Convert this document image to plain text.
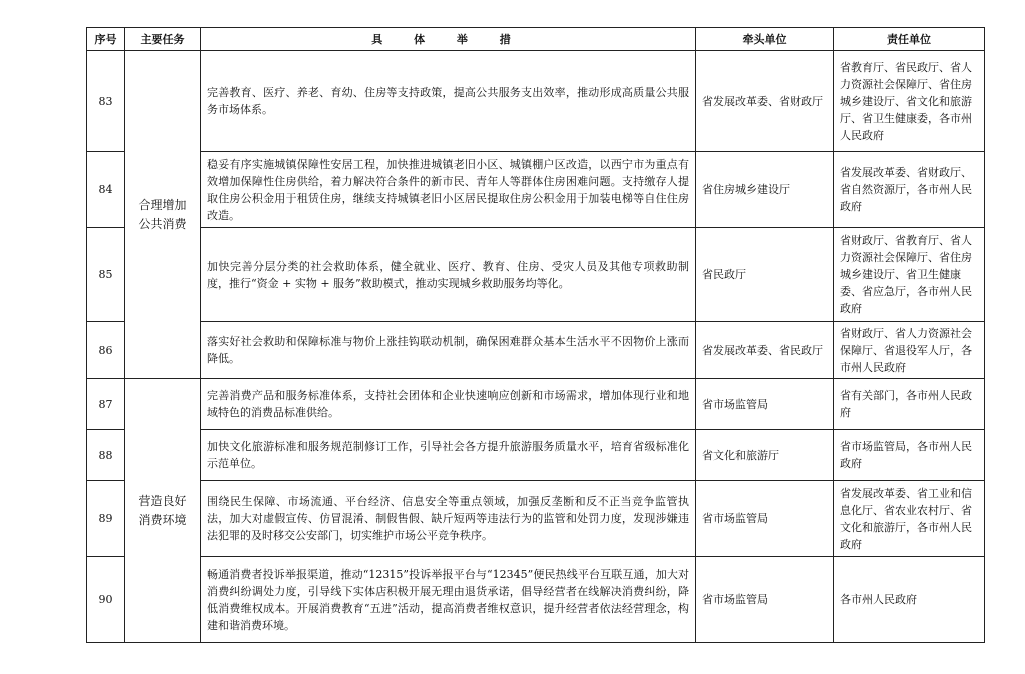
序号	主要任务	具 体 举 措	牵头单位	责任单位
83	合理增加公共消费	完善教育、医疗、养老、育幼、住房等支持政策，提高公共服务支出效率，推动形成高质量公共服务市场体系。	省发展改革委、省财政厅	省教育厅、省民政厅、省人力资源社会保障厅、省住房城乡建设厅、省文化和旅游厅、省卫生健康委，各市州人民政府
84		稳妥有序实施城镇保障性安居工程，加快推进城镇老旧小区、城镇棚户区改造，以西宁市为重点有效增加保障性住房供给，着力解决符合条件的新市民、青年人等群体住房困难问题。支持缴存人提取住房公积金用于租赁住房，继续支持城镇老旧小区居民提取住房公积金用于加装电梯等自住住房改造。	省住房城乡建设厅	省发展改革委、省财政厅、省自然资源厅，各市州人民政府
85		加快完善分层分类的社会救助体系，健全就业、医疗、教育、住房、受灾人员及其他专项救助制度，推行“资金 + 实物 + 服务”救助模式，推动实现城乡救助服务均等化。	省民政厅	省财政厅、省教育厅、省人力资源社会保障厅、省住房城乡建设厅、省卫生健康委、省应急厅，各市州人民政府
86		落实好社会救助和保障标准与物价上涨挂钩联动机制，确保困难群众基本生活水平不因物价上涨而降低。	省发展改革委、省民政厅	省财政厅、省人力资源社会保障厅、省退役军人厅，各市州人民政府
87	营造良好消费环境	完善消费产品和服务标准体系，支持社会团体和企业快速响应创新和市场需求，增加体现行业和地域特色的消费品标准供给。	省市场监管局	省有关部门，各市州人民政府
88		加快文化旅游标准和服务规范制修订工作，引导社会各方提升旅游服务质量水平，培育省级标准化示范单位。	省文化和旅游厅	省市场监管局，各市州人民政府
89		围绕民生保障、市场流通、平台经济、信息安全等重点领域，加强反垄断和反不正当竞争监管执法，加大对虚假宣传、仿冒混淆、制假售假、缺斤短两等违法行为的监管和处罚力度，发现涉嫌违法犯罪的及时移交公安部门，切实维护市场公平竞争秩序。	省市场监管局	省发展改革委、省工业和信息化厅、省农业农村厅、省文化和旅游厅，各市州人民政府
90		畅通消费者投诉举报渠道，推动“12315”投诉举报平台与“12345”便民热线平台互联互通，加大对消费纠纷调处力度，引导线下实体店积极开展无理由退货承诺，倡导经营者在线解决消费纠纷，降低消费维权成本。开展消费教育“五进”活动，提高消费者维权意识，提升经营者依法经营理念，构建和谐消费环境。	省市场监管局	各市州人民政府
